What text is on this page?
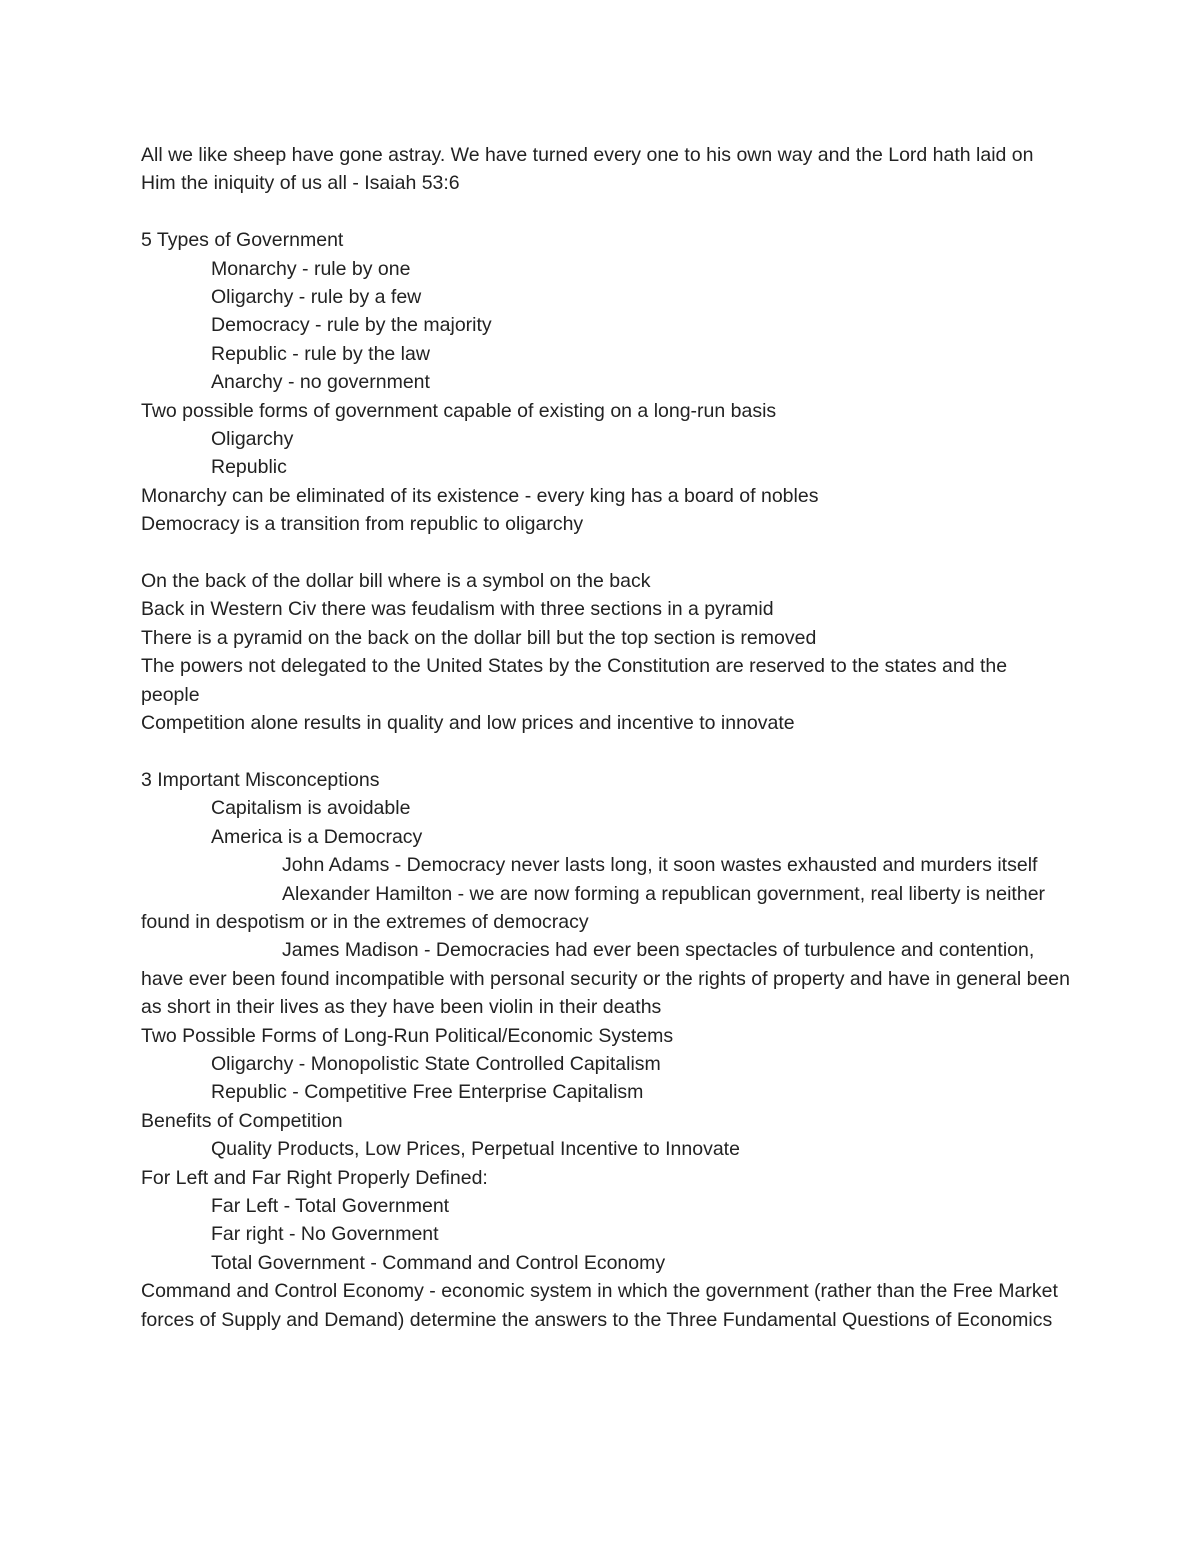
All we like sheep have gone astray. We have turned every one to his own way and the Lord hath laid on Him the iniquity of us all - Isaiah 53:6

5 Types of Government

Monarchy - rule by one

Oligarchy - rule by a few

Democracy - rule by the majority

Republic - rule by the law

Anarchy - no government

Two possible forms of government capable of existing on a long-run basis

Oligarchy

Republic

Monarchy can be eliminated of its existence - every king has a board of nobles

Democracy is a transition from republic to oligarchy

On the back of the dollar bill where is a symbol on the back

Back in Western Civ there was feudalism with three sections in a pyramid

There is a pyramid on the back on the dollar bill but the top section is removed

The powers not delegated to the United States by the Constitution are reserved to the states and the people

Competition alone results in quality and low prices and incentive to innovate

3 Important Misconceptions

Capitalism is avoidable

America is a Democracy

John Adams - Democracy never lasts long, it soon wastes exhausted and murders itself

Alexander Hamilton - we are now forming a republican government, real liberty is neither found in despotism or in the extremes of democracy

James Madison - Democracies had ever been spectacles of turbulence and contention, have ever been found incompatible with personal security or the rights of property and have in general been as short in their lives as they have been violin in their deaths

Two Possible Forms of Long-Run Political/Economic Systems

Oligarchy - Monopolistic State Controlled Capitalism

Republic - Competitive Free Enterprise Capitalism

Benefits of Competition

Quality Products, Low Prices, Perpetual Incentive to Innovate

For Left and Far Right Properly Defined:

Far Left - Total Government

Far right - No Government

Total Government - Command and Control Economy

Command and Control Economy - economic system in which the government (rather than the Free Market forces of Supply and Demand) determine the answers to the Three Fundamental Questions of Economics
